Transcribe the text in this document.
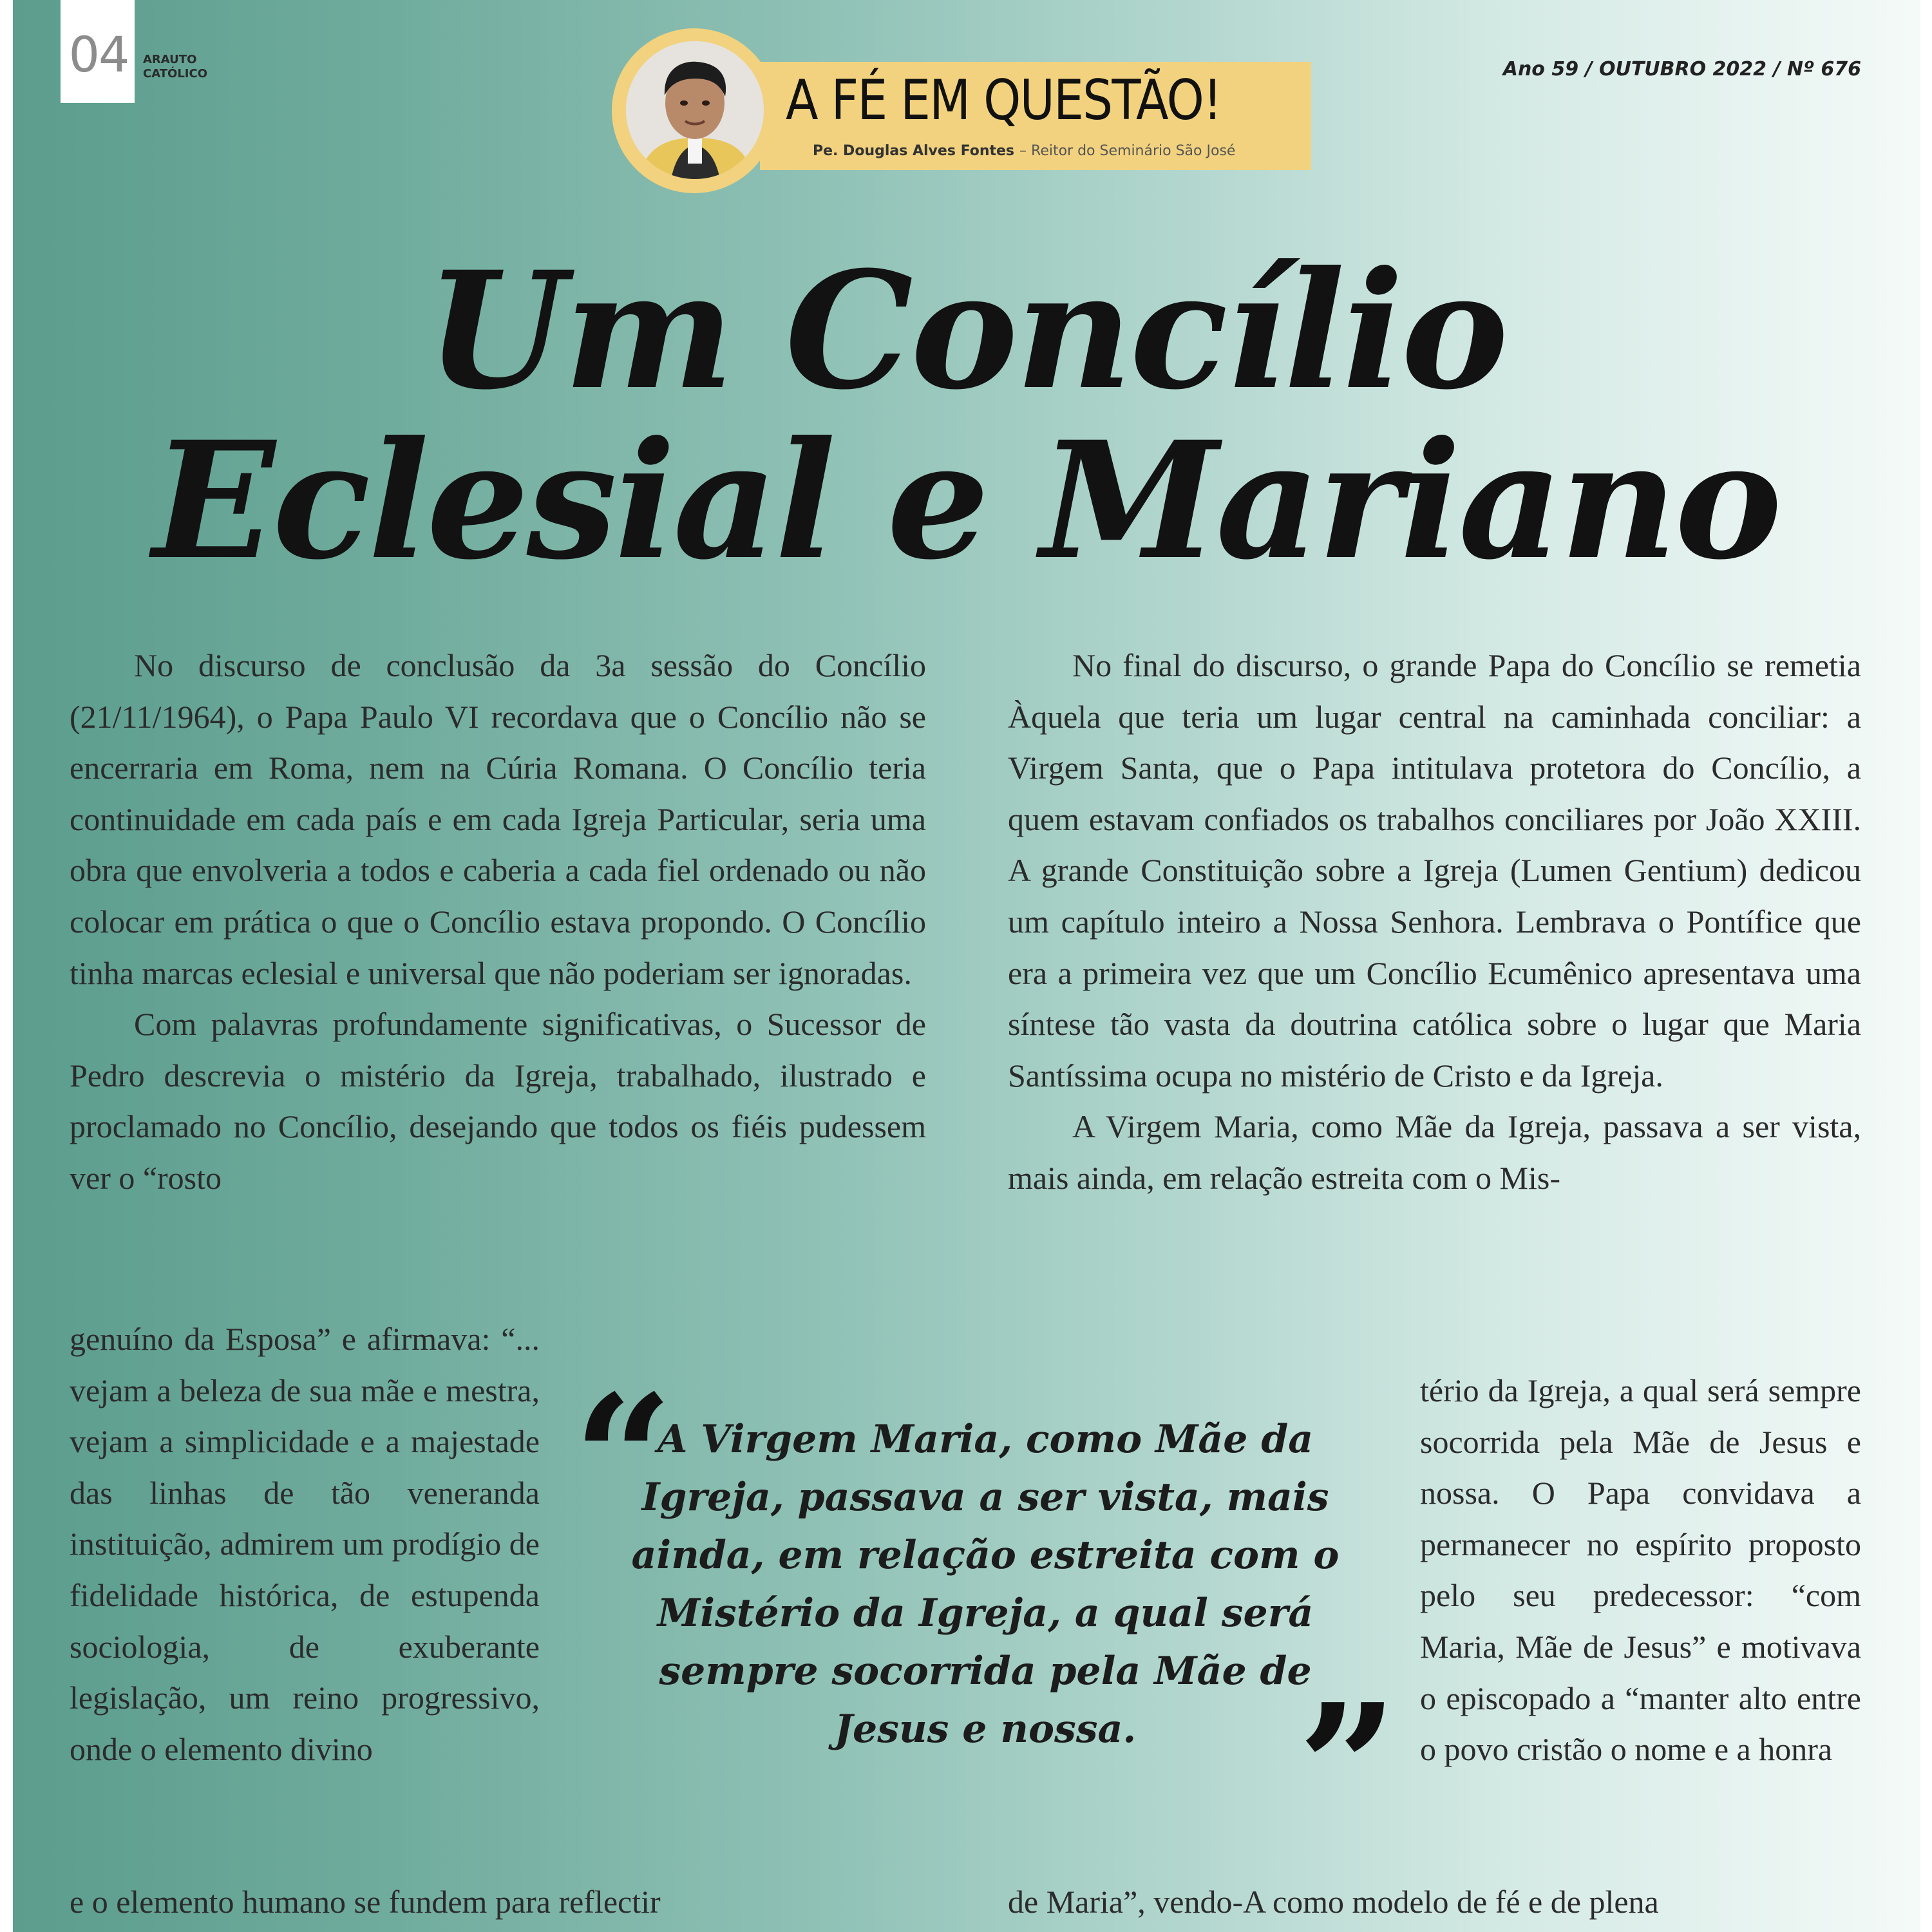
04	ARAUTO CATÓLICO	A FÉ EM QUESTÃO!
Pe. Douglas Alves Fontes – Reitor do Seminário São José
Ano 59 / OUTUBRO 2022 / Nº 676
Um Concílio
Eclesial e Mariano

No discurso de conclusão da 3a sessão do Concílio (21/11/1964), o Papa Paulo VI recordava que o Concílio não se encerraria em Roma, nem na Cúria Romana. O Concílio teria continuidade em cada país e em cada Igreja Particular, seria uma obra que envolveria a todos e caberia a cada fiel ordenado ou não colocar em prática o que o Concílio estava propondo. O Concílio tinha marcas eclesial e universal que não poderiam ser ignoradas.

Com palavras profundamente significativas, o Sucessor de Pedro descrevia o mistério da Igreja, trabalhado, ilustrado e proclamado no Concílio, desejando que todos os fiéis pudessem ver o “rosto

genuíno da Esposa” e afirmava: “... vejam a beleza de sua mãe e mestra, vejam a simplicidade e a majestade das linhas de tão veneranda instituição, admirem um prodígio de fidelidade histórica, de estupenda sociologia, de exuberante legislação, um reino progressivo, onde o elemento divino

e o elemento humano se fundem para reflectir

No final do discurso, o grande Papa do Concílio se remetia Àquela que teria um lugar central na caminhada conciliar: a Virgem Santa, que o Papa intitulava protetora do Concílio, a quem estavam confiados os trabalhos conciliares por João XXIII. A grande Constituição sobre a Igreja (Lumen Gentium) dedicou um capítulo inteiro a Nossa Senhora. Lembrava o Pontífice que era a primeira vez que um Concílio Ecumênico apresentava uma síntese tão vasta da doutrina católica sobre o lugar que Maria Santíssima ocupa no mistério de Cristo e da Igreja.

A Virgem Maria, como Mãe da Igreja, passava a ser vista, mais ainda, em relação estreita com o Mis-

tério da Igreja, a qual será sempre socorrida pela Mãe de Jesus e nossa. O Papa convidava a permanecer no espírito proposto pelo seu predecessor: “com Maria, Mãe de Jesus” e motivava o episcopado a “manter alto entre o povo cristão o nome e a honra

de Maria”, vendo-A como modelo de fé e de plena

“
A Virgem Maria, como Mãe da Igreja, passava a ser vista, mais ainda, em relação estreita com o Mistério da Igreja, a qual será sempre socorrida pela Mãe de Jesus e nossa. ”
